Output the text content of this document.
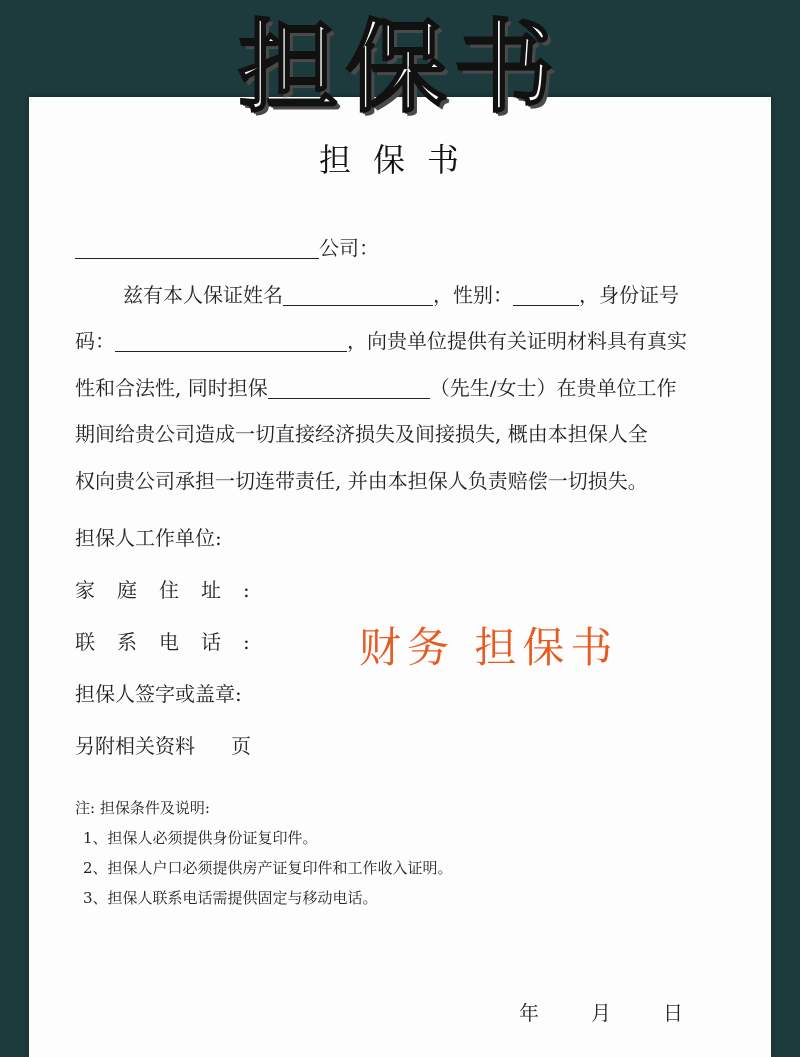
担保书
担保书
公司：
兹有本人保证姓名	，性别：	，身份证号
码：	，向贵单位提供有关证明材料具有真实
性和合法性, 同时担保	（先生/女士）在贵单位工作
期间给贵公司造成一切直接经济损失及间接损失, 概由本担保人全
权向贵公司承担一切连带责任, 并由本担保人负责赔偿一切损失。
担保人工作单位:
家庭住址:
联系电话:
担保人签字或盖章:
另附相关资料 页
财务 担保书
注: 担保条件及说明:
1、担保人必须提供身份证复印件。
2、担保人户口必须提供房产证复印件和工作收入证明。
3、担保人联系电话需提供固定与移动电话。
年	月	日
